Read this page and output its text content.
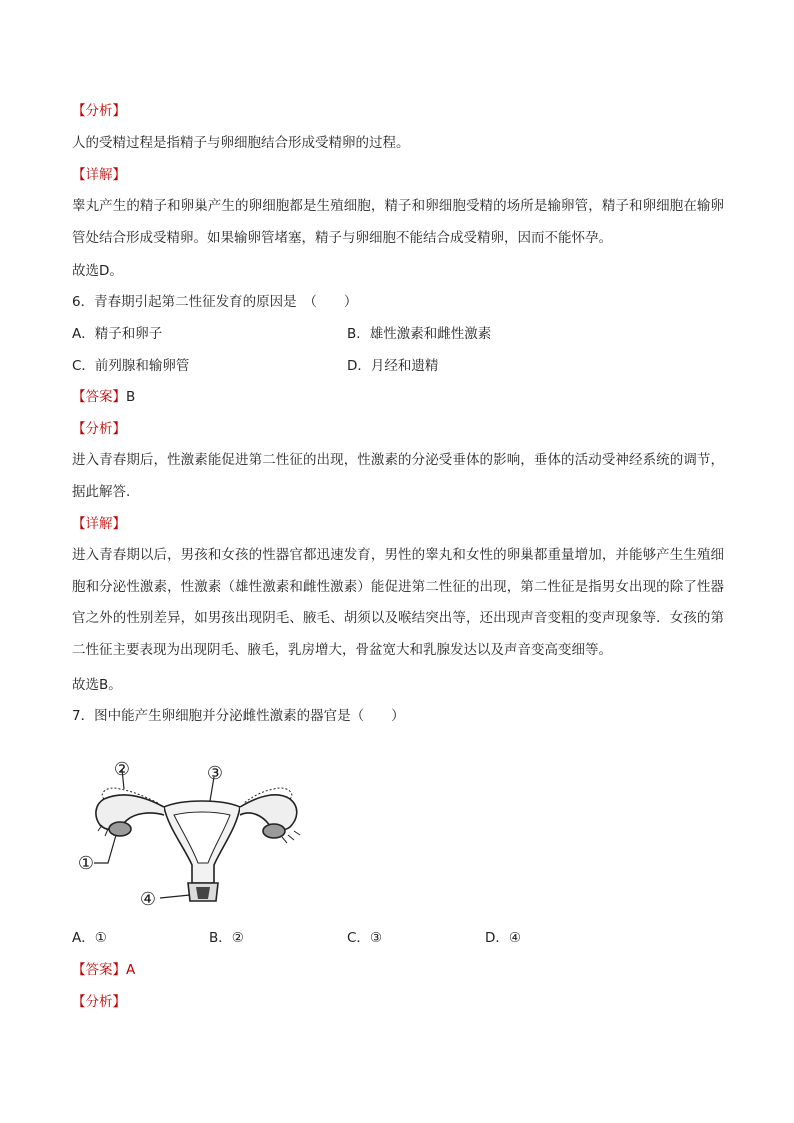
【分析】
人的受精过程是指精子与卵细胞结合形成受精卵的过程。
【详解】
睾丸产生的精子和卵巢产生的卵细胞都是生殖细胞，精子和卵细胞受精的场所是输卵管，精子和卵细胞在输卵管处结合形成受精卵。如果输卵管堵塞，精子与卵细胞不能结合成受精卵，因而不能怀孕。
故选D。
6．青春期引起第二性征发育的原因是　（　　）
A．精子和卵子	B．雄性激素和雌性激素
C．前列腺和输卵管	D．月经和遗精
【答案】B
【分析】
进入青春期后，性激素能促进第二性征的出现，性激素的分泌受垂体的影响，垂体的活动受神经系统的调节，据此解答.
【详解】
进入青春期以后，男孩和女孩的性器官都迅速发育，男性的睾丸和女性的卵巢都重量增加，并能够产生生殖细胞和分泌性激素，性激素（雄性激素和雌性激素）能促进第二性征的出现，第二性征是指男女出现的除了性器官之外的性别差异，如男孩出现阴毛、腋毛、胡须以及喉结突出等，还出现声音变粗的变声现象等．女孩的第二性征主要表现为出现阴毛、腋毛，乳房增大，骨盆宽大和乳腺发达以及声音变高变细等。
故选B。
7．图中能产生卵细胞并分泌雌性激素的器官是（　　）
②	③
①
④
A．①	B．②	C．③	D．④
【答案】A
【分析】
